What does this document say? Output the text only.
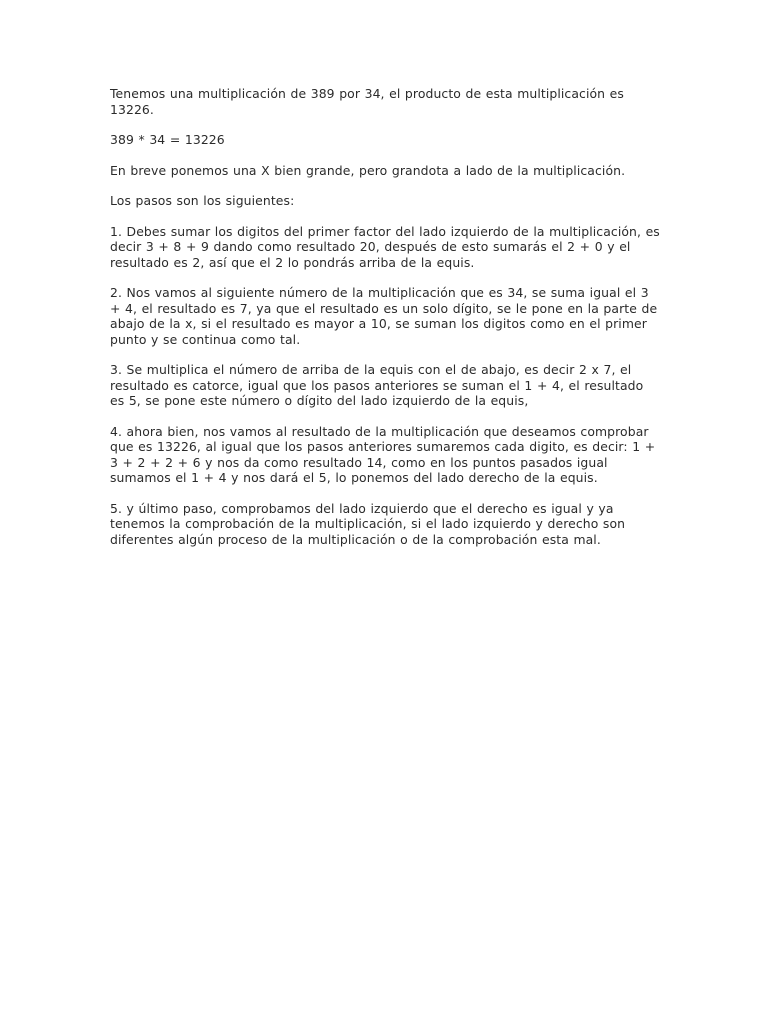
Tenemos una multiplicación de 389 por 34, el producto de esta multiplicación es 13226.

389 * 34 = 13226

En breve ponemos una X bien grande, pero grandota a lado de la multiplicación.

Los pasos son los siguientes:

1. Debes sumar los digitos del primer factor del lado izquierdo de la multiplicación, es decir 3 + 8 + 9 dando como resultado 20, después de esto sumarás el 2 + 0 y el resultado es 2, así que el 2 lo pondrás arriba de la equis.

2. Nos vamos al siguiente número de la multiplicación que es 34, se suma igual el 3 + 4, el resultado es 7, ya que el resultado es un solo dígito, se le pone en la parte de abajo de la x, si el resultado es mayor a 10, se suman los digitos como en el primer punto y se continua como tal.

3. Se multiplica el número de arriba de la equis con el de abajo, es decir 2 x 7, el resultado es catorce, igual que los pasos anteriores se suman el 1 + 4, el resultado es 5, se pone este número o dígito del lado izquierdo de la equis,

4. ahora bien, nos vamos al resultado de la multiplicación que deseamos comprobar que es 13226, al igual que los pasos anteriores sumaremos cada digito, es decir: 1 + 3 + 2 + 2 + 6 y nos da como resultado 14, como en los puntos pasados igual sumamos el 1 + 4 y nos dará el 5, lo ponemos del lado derecho de la equis.

5. y último paso, comprobamos del lado izquierdo que el derecho es igual y ya tenemos la comprobación de la multiplicación, si el lado izquierdo y derecho son diferentes algún proceso de la multiplicación o de la comprobación esta mal.
